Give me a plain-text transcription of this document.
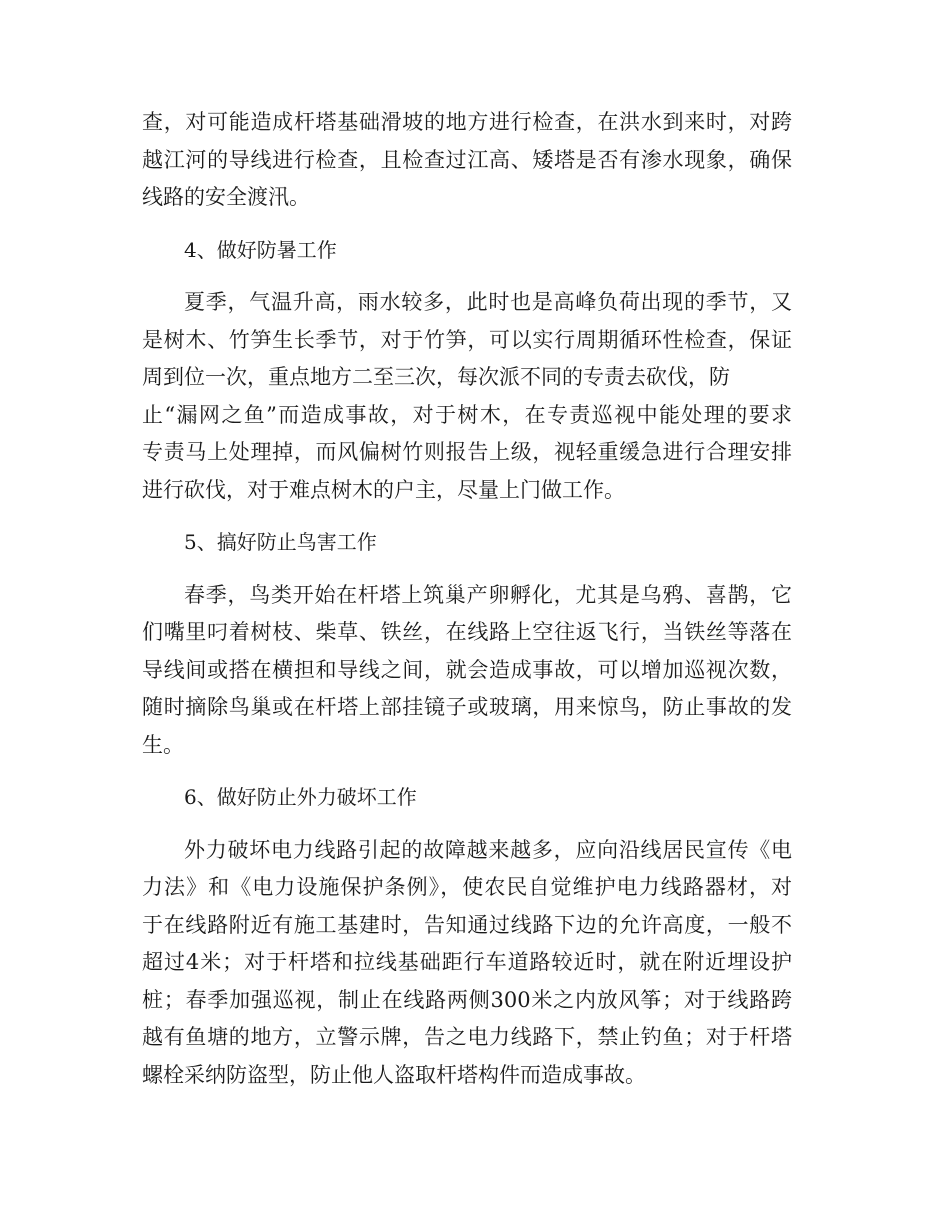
查，对可能造成杆塔基础滑坡的地方进行检查，在洪水到来时，对跨
越江河的导线进行检查，且检查过江高、矮塔是否有渗水现象，确保
线路的安全渡汛。
4、做好防暑工作
夏季，气温升高，雨水较多，此时也是高峰负荷出现的季节，又
是树木、竹笋生长季节，对于竹笋，可以实行周期循环性检查，保证
周到位一次，重点地方二至三次，每次派不同的专责去砍伐，防
止“漏网之鱼”而造成事故，对于树木，在专责巡视中能处理的要求
专责马上处理掉，而风偏树竹则报告上级，视轻重缓急进行合理安排
进行砍伐，对于难点树木的户主，尽量上门做工作。
5、搞好防止鸟害工作
春季，鸟类开始在杆塔上筑巢产卵孵化，尤其是乌鸦、喜鹊，它
们嘴里叼着树枝、柴草、铁丝，在线路上空往返飞行，当铁丝等落在
导线间或搭在横担和导线之间，就会造成事故，可以增加巡视次数，
随时摘除鸟巢或在杆塔上部挂镜子或玻璃，用来惊鸟，防止事故的发
生。
6、做好防止外力破坏工作
外力破坏电力线路引起的故障越来越多，应向沿线居民宣传《电
力法》和《电力设施保护条例》，使农民自觉维护电力线路器材，对
于在线路附近有施工基建时，告知通过线路下边的允许高度，一般不
超过4米；对于杆塔和拉线基础距行车道路较近时，就在附近埋设护
桩；春季加强巡视，制止在线路两侧300米之内放风筝；对于线路跨
越有鱼塘的地方，立警示牌，告之电力线路下，禁止钓鱼；对于杆塔
螺栓采纳防盗型，防止他人盗取杆塔构件而造成事故。
